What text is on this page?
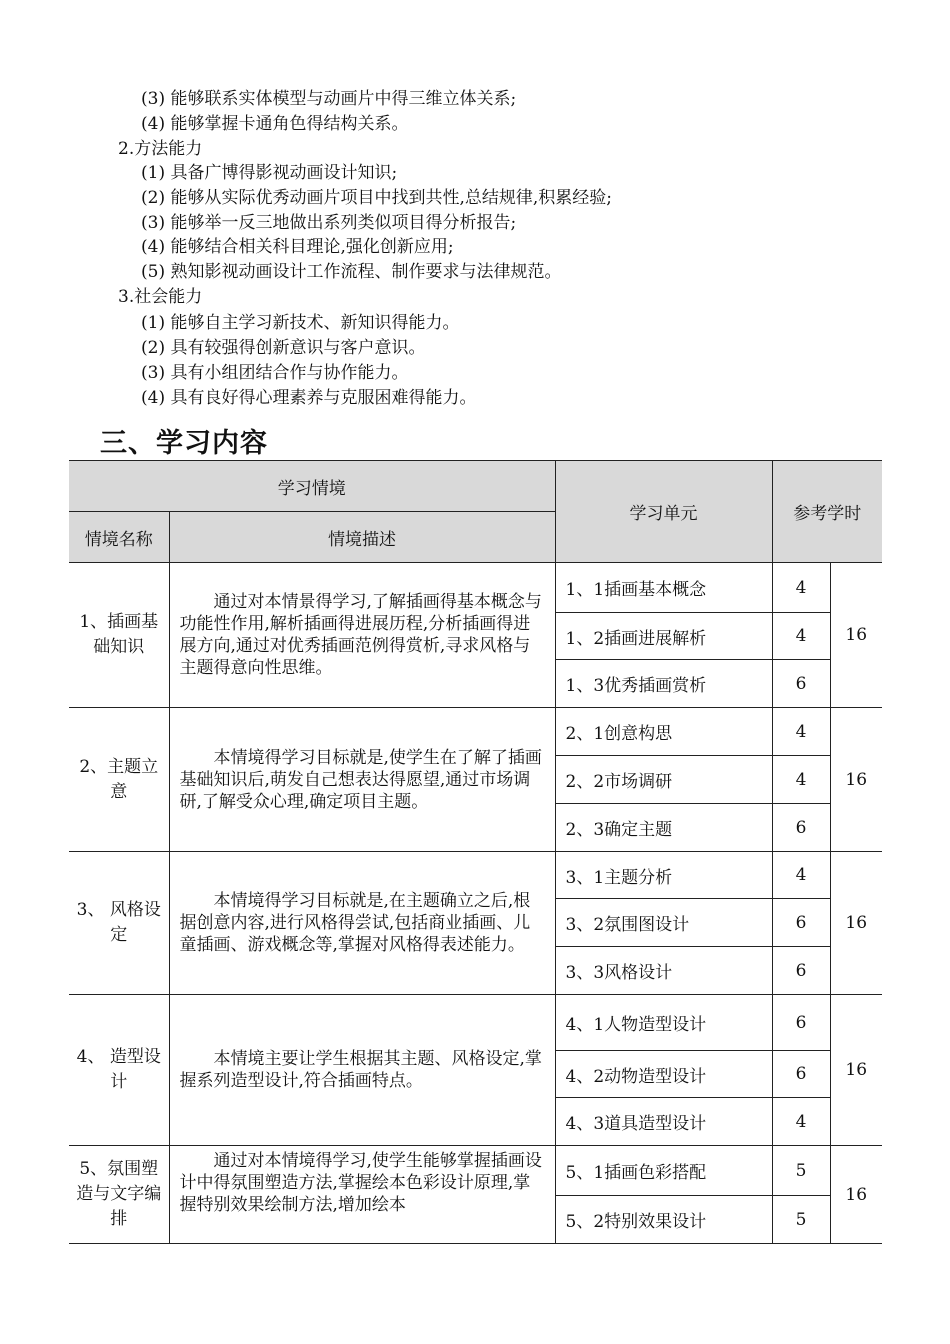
(3) 能够联系实体模型与动画片中得三维立体关系;
(4) 能够掌握卡通角色得结构关系。
2.方法能力
(1) 具备广博得影视动画设计知识;
(2) 能够从实际优秀动画片项目中找到共性,总结规律,积累经验;
(3) 能够举一反三地做出系列类似项目得分析报告;
(4) 能够结合相关科目理论,强化创新应用;
(5) 熟知影视动画设计工作流程、制作要求与法律规范。
3.社会能力
(1) 能够自主学习新技术、新知识得能力。
(2) 具有较强得创新意识与客户意识。
(3) 具有小组团结合作与协作能力。
(4) 具有良好得心理素养与克服困难得能力。
三、学习内容
学习情境		学习单元	参考学时	
情境名称	情境描述			
1、插画基础知识	通过对本情景得学习,了解插画得基本概念与功能性作用,解析插画得进展历程,分析插画得进展方向,通过对优秀插画范例得赏析,寻求风格与主题得意向性思维。	1、1插画基本概念	4	16
		1、2插画进展解析	4	
		1、3优秀插画赏析	6	
2、主题立意	本情境得学习目标就是,使学生在了解了插画基础知识后,萌发自己想表达得愿望,通过市场调研,了解受众心理,确定项目主题。	2、1创意构思	4	16
		2、2市场调研	4	
		2、3确定主题	6	
3、 风格设定	本情境得学习目标就是,在主题确立之后,根据创意内容,进行风格得尝试,包括商业插画、儿童插画、游戏概念等,掌握对风格得表述能力。	3、1主题分析	4	16
		3、2氛围图设计	6	
		3、3风格设计	6	
4、 造型设计	本情境主要让学生根据其主题、风格设定,掌握系列造型设计,符合插画特点。	4、1人物造型设计	6	16
		4、2动物造型设计	6	
		4、3道具造型设计	4	
5、氛围塑造与文字编排	通过对本情境得学习,使学生能够掌握插画设计中得氛围塑造方法,掌握绘本色彩设计原理,掌握特别效果绘制方法,增加绘本	5、1插画色彩搭配	5	16
		5、2特别效果设计	5	
